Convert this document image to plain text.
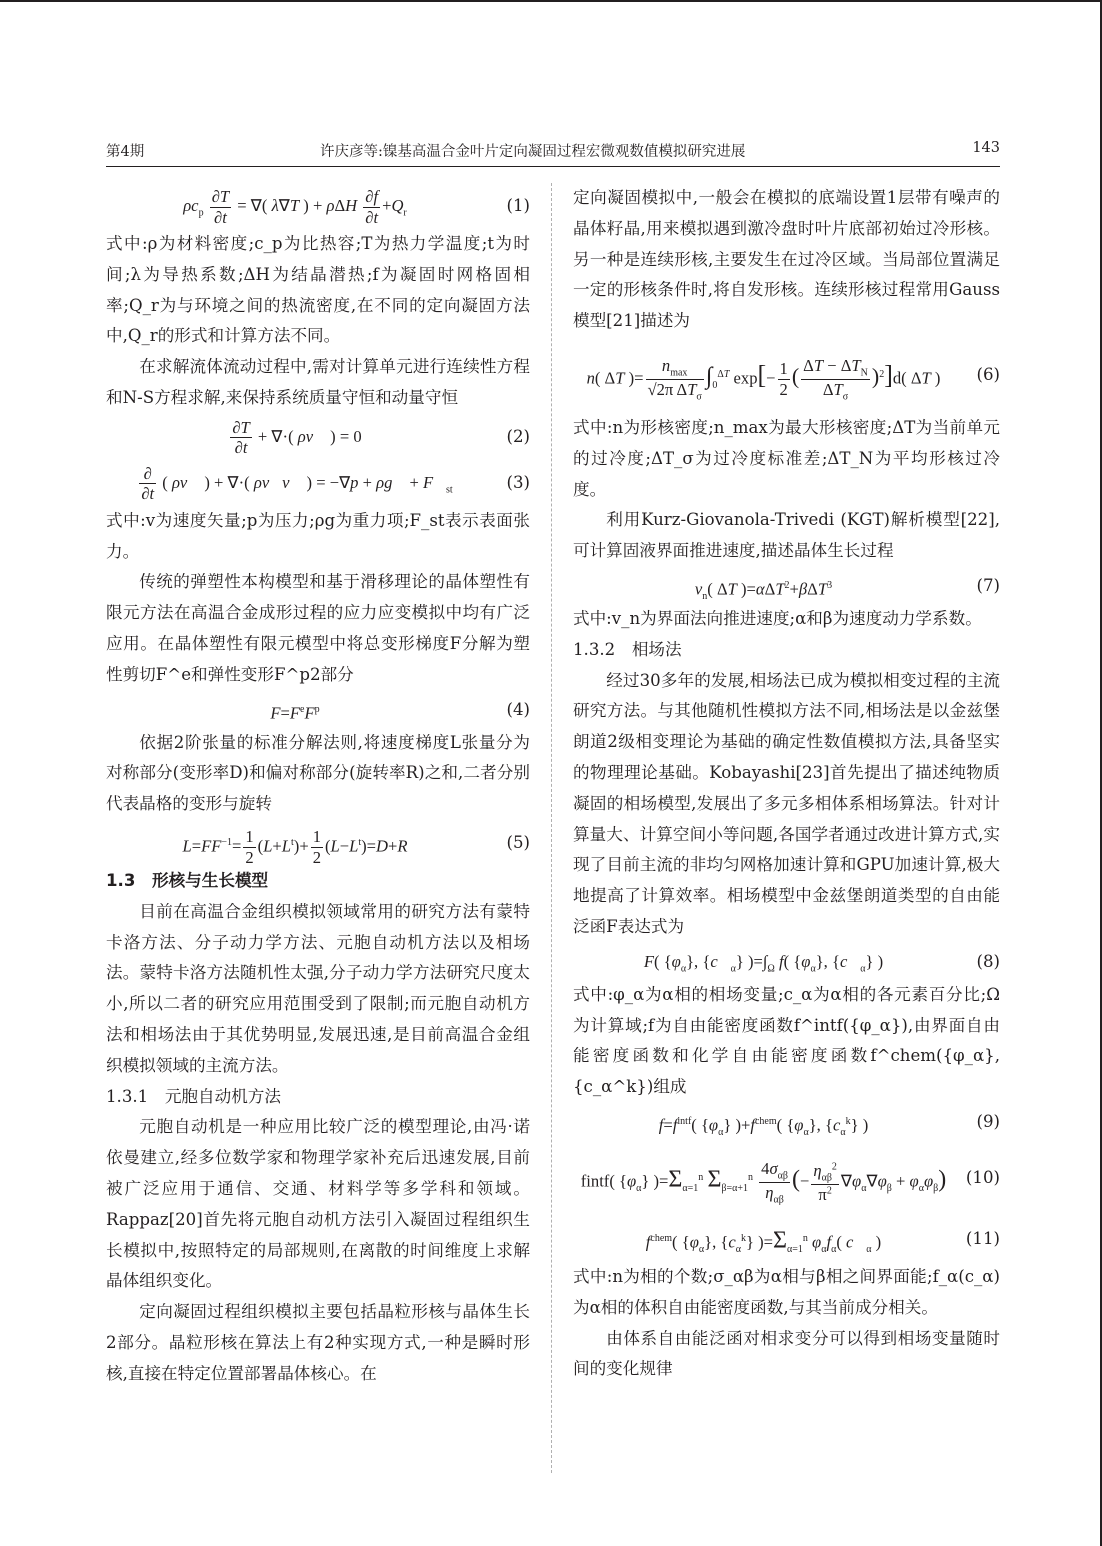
第4期	许庆彦等:镍基高温合金叶片定向凝固过程宏微观数值模拟研究进展	143
$\rho c_p \frac{\partial T}{\partial t}$ = ∇( λ∇T ) + ρΔH $\frac{\partial f}{\partial t} +Q_r$	(1)

式中:ρ为材料密度;c_p为比热容;T为热力学温度;t为时间;λ为导热系数;ΔH为结晶潜热;f为凝固时网格固相率;Q_r为与环境之间的热流密度,在不同的定向凝固方法中,Q_r的形式和计算方法不同。

在求解流体流动过程中,需对计算单元进行连续性方程和N-S方程求解,来保持系统质量守恒和动量守恒

$\frac{\partial T}{\partial t}$ + ∇·( ρv⃗ ) = 0	(2)
∂
∂t
( ρv⃗ ) + ∇·( ρv⃗v⃗ ) = −∇p + ρg⃗ + $F⃗_{st}$	(3)

式中:v为速度矢量;p为压力;ρg为重力项;F_st表示表面张力。

传统的弹塑性本构模型和基于滑移理论的晶体塑性有限元方法在高温合金成形过程的应力应变模拟中均有广泛应用。在晶体塑性有限元模型中将总变形梯度F分解为塑性剪切F^e和弹性变形F^p2部分

$F=F^eF^p$	(4)

依据2阶张量的标准分解法则,将速度梯度L张量分为对称部分(变形率D)和偏对称部分(旋转率R)之和,二者分别代表晶格的变形与旋转

$L=FF^{-1}= \frac{1}{2} (L+L^t)+ \frac{1}{2} (L-L^t)=D+R$	(5)
1.3　形核与生长模型

目前在高温合金组织模拟领域常用的研究方法有蒙特卡洛方法、分子动力学方法、元胞自动机方法以及相场法。蒙特卡洛方法随机性太强,分子动力学方法研究尺度太小,所以二者的研究应用范围受到了限制;而元胞自动机方法和相场法由于其优势明显,发展迅速,是目前高温合金组织模拟领域的主流方法。

1.3.1　元胞自动机方法

元胞自动机是一种应用比较广泛的模型理论,由冯·诺依曼建立,经多位数学家和物理学家补充后迅速发展,目前被广泛应用于通信、交通、材料学等多学科和领域。Rappaz[20]首先将元胞自动机方法引入凝固过程组织生长模拟中,按照特定的局部规则,在离散的时间维度上求解晶体组织变化。

定向凝固过程组织模拟主要包括晶粒形核与晶体生长2部分。晶粒形核在算法上有2种实现方式,一种是瞬时形核,直接在特定位置部署晶体核心。在

定向凝固模拟中,一般会在模拟的底端设置1层带有噪声的晶体籽晶,用来模拟遇到激冷盘时叶片底部初始过冷形核。另一种是连续形核,主要发生在过冷区域。当局部位置满足一定的形核条件时,将自发形核。连续形核过程常用Gauss模型[21]描述为

n( ΔT )=
$n_{max}$
√2π $\Delta T_\sigma$
$\int_0^{\Delta T}$ $\exp[- \frac{1}{2}$ ( $\Delta T - \Delta T_N$
$\Delta T_\sigma$
)$^2$]d( ΔT )	(6)

式中:n为形核密度;n_max为最大形核密度;ΔT为当前单元的过冷度;ΔT_σ为过冷度标准差;ΔT_N为平均形核过冷度。

利用Kurz-Giovanola-Trivedi (KGT)解析模型[22],可计算固液界面推进速度,描述晶体生长过程

$v_n$( ΔT )=αΔT$^2$+βΔT$^3$	(7)

式中:v_n为界面法向推进速度;α和β为速度动力学系数。

1.3.2　相场法

经过30多年的发展,相场法已成为模拟相变过程的主流研究方法。与其他随机性模拟方法不同,相场法是以金兹堡朗道2级相变理论为基础的确定性数值模拟方法,具备坚实的物理理论基础。Kobayashi[23]首先提出了描述纯物质凝固的相场模型,发展出了多元多相体系相场算法。针对计算量大、计算空间小等问题,各国学者通过改进计算方式,实现了目前主流的非均匀网格加速计算和GPU加速计算,极大地提高了计算效率。相场模型中金兹堡朗道类型的自由能泛函F表达式为

F( $\{\varphi_\alpha\}$, $\{c⃗_\alpha\}$ )$=\int_\Omega$ f( $\{\varphi_\alpha\}$, $\{c⃗_\alpha\}$ )	(8)

式中:φ_α为α相的相场变量;c_α为α相的各元素百分比;Ω为计算域;f为自由能密度函数f^intf({φ_α}),由界面自由能密度函数和化学自由能密度函数f^chem({φ_α},{c_α^k})组成

$f=f^{intf}$( $\{\varphi_\alpha\}$ )$+f^{chem}$( $\{\varphi_\alpha\}$, $\{c_\alpha^k\}$ )	(9)
fintf( $\{\varphi_\alpha\}$ )$=\Sigma_{\alpha=1}^n$ $\Sigma_{\beta=\alpha+1}^n$ $4\sigma_{\alpha\beta}$
$\eta_{\alpha\beta}$
(−
$\eta_{\alpha\beta}^2$
$\pi^2$
$\nabla\varphi_\alpha\nabla\varphi_\beta + \varphi_\alpha\varphi_\beta$)	(10)
$f^{chem}$( $\{\varphi_\alpha\}$, $\{c_\alpha^k\}$ )$=\Sigma_{\alpha=1}^n$ $\varphi_\alpha f_\alpha$( $c⃗_\alpha$ )	(11)

式中:n为相的个数;σ_αβ为α相与β相之间界面能;f_α(c_α)为α相的体积自由能密度函数,与其当前成分相关。

由体系自由能泛函对相求变分可以得到相场变量随时间的变化规律
